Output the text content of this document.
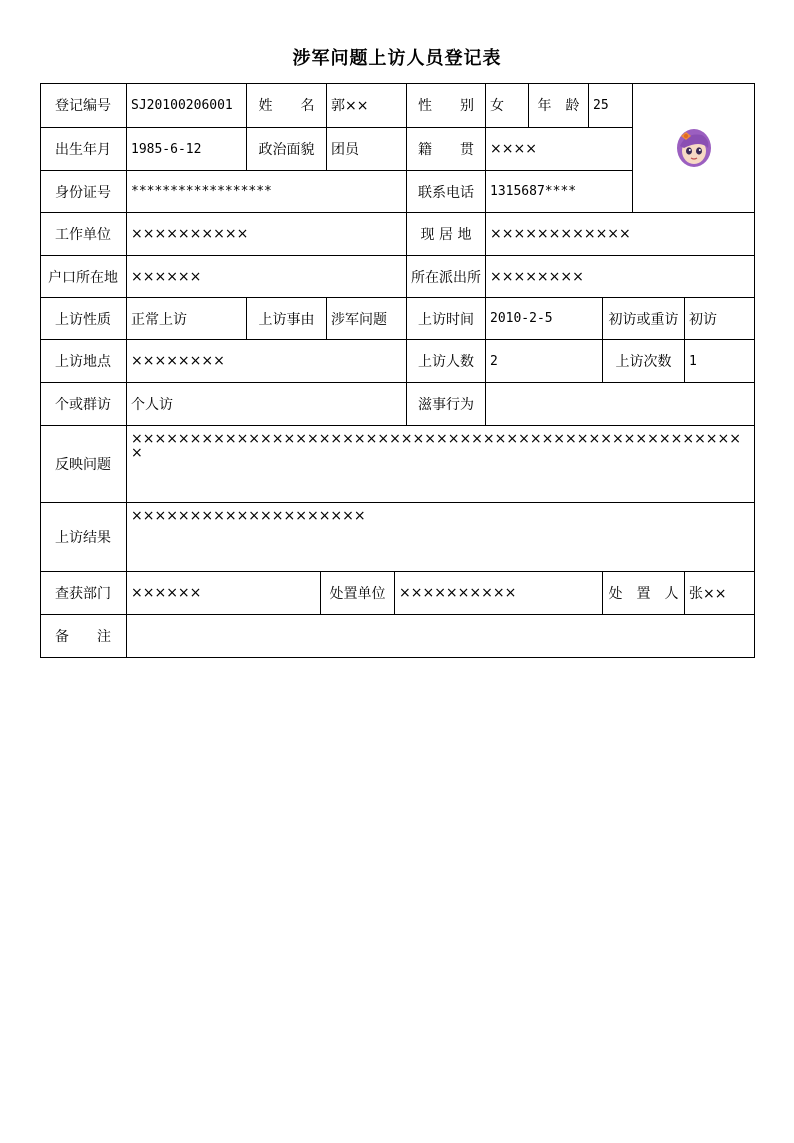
涉军问题上访人员登记表
登记编号	SJ20100206001	姓　　名	郭××	性　　别	女	年　龄	25
出生年月	1985-6-12	政治面貌	团员	籍　　贯	××××
身份证号	******************	联系电话	1315687****
工作单位	××××××××××	现 居 地	××××××××××××
户口所在地 ××××××	所在派出所 ××××××××
上访性质	正常上访	上访事由	涉军问题	上访时间	2010-2-5	初访或重访 初访
上访地点	××××××××	上访人数	2	上访次数	1
个或群访	个人访	滋事行为
反映问题
×××××××××××××××××××××××××××××××××××××××××××××××××××××
上访结果
××××××××××××××××××××
查获部门	××××××	处置单位 ××××××××××	处　置　人 张××
备　　注
